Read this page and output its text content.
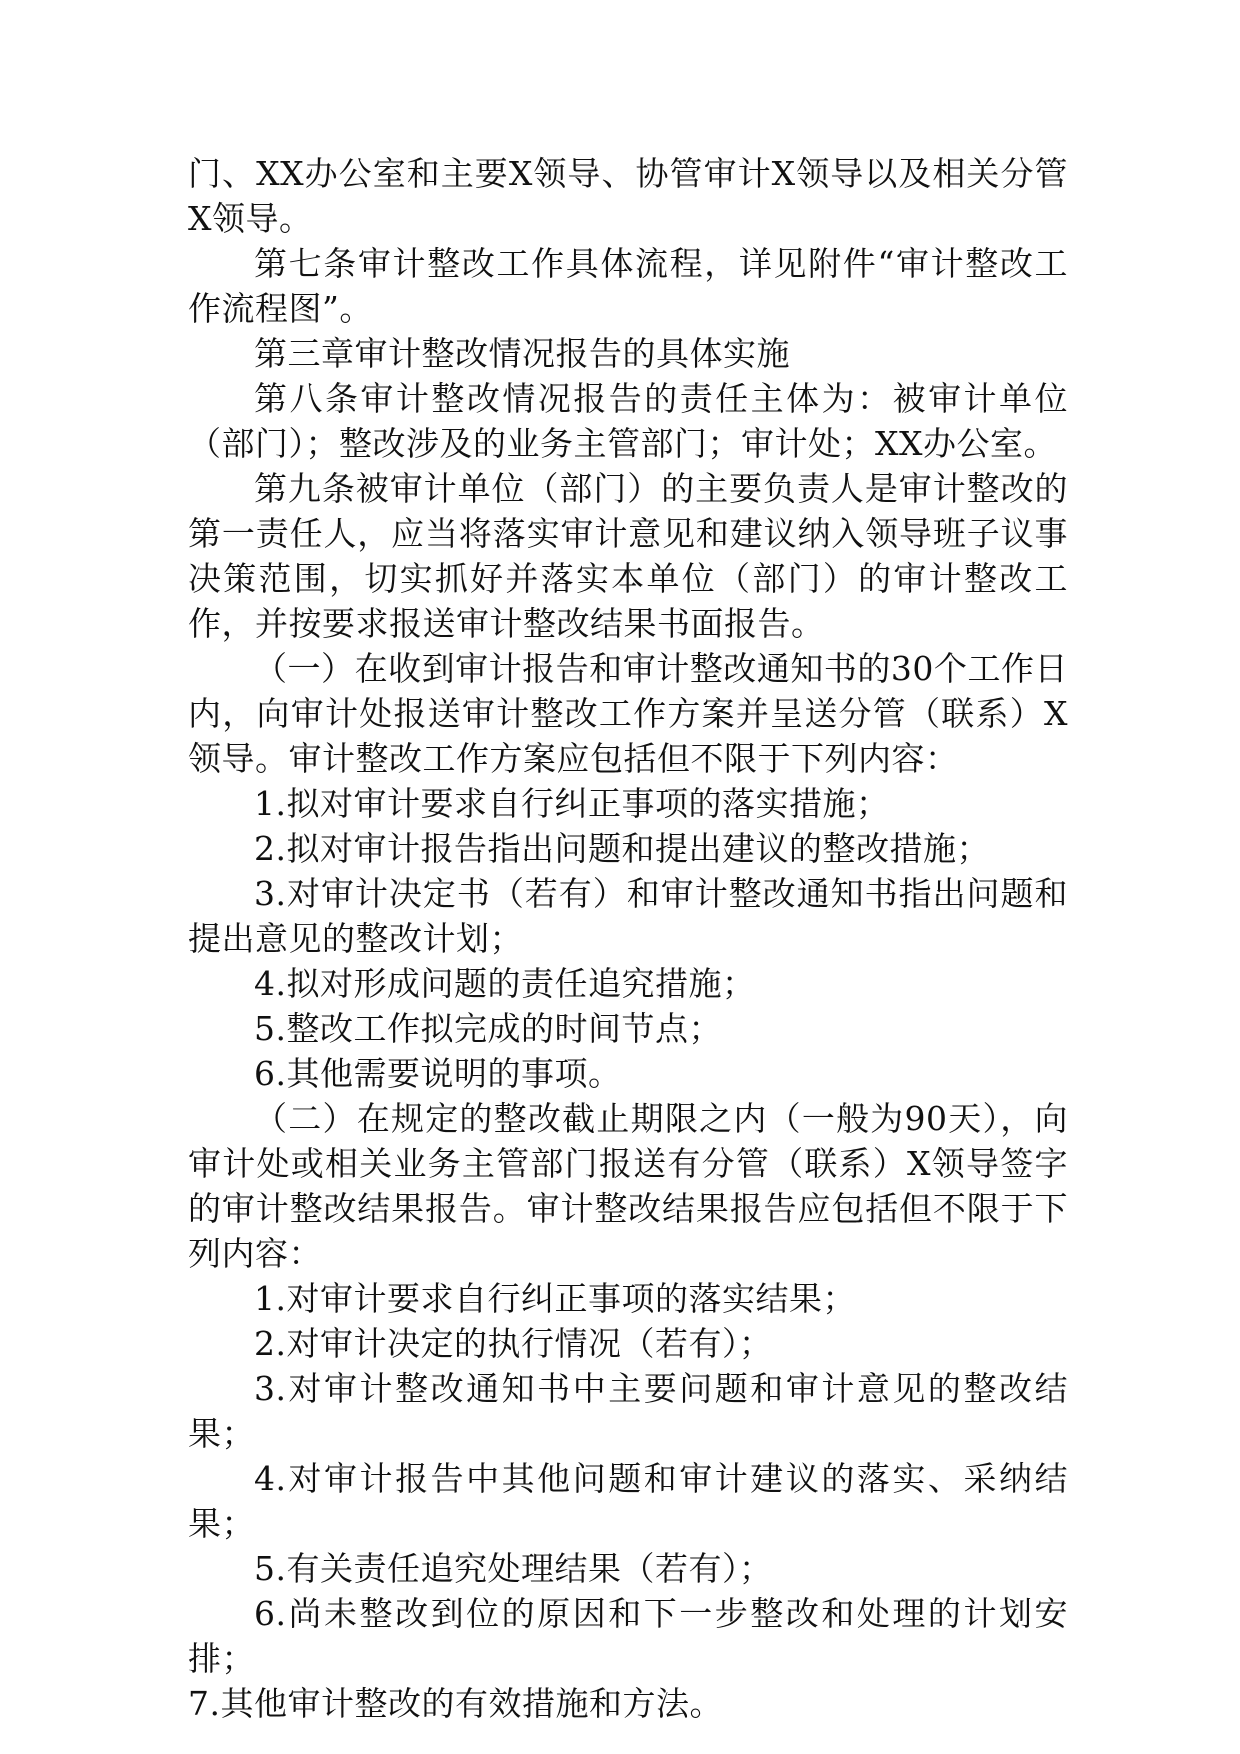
门、XX办公室和主要X领导、协管审计X领导以及相关分管X领导。

第七条审计整改工作具体流程，详见附件“审计整改工作流程图”。

第三章审计整改情况报告的具体实施

第八条审计整改情况报告的责任主体为：被审计单位（部门）；整改涉及的业务主管部门；审计处；XX办公室。

第九条被审计单位（部门）的主要负责人是审计整改的第一责任人，应当将落实审计意见和建议纳入领导班子议事决策范围，切实抓好并落实本单位（部门）的审计整改工作，并按要求报送审计整改结果书面报告。

（一）在收到审计报告和审计整改通知书的30个工作日内，向审计处报送审计整改工作方案并呈送分管（联系）X领导。审计整改工作方案应包括但不限于下列内容：

1.拟对审计要求自行纠正事项的落实措施；

2.拟对审计报告指出问题和提出建议的整改措施；

3.对审计决定书（若有）和审计整改通知书指出问题和提出意见的整改计划；

4.拟对形成问题的责任追究措施；

5.整改工作拟完成的时间节点；

6.其他需要说明的事项。

（二）在规定的整改截止期限之内（一般为90天），向审计处或相关业务主管部门报送有分管（联系）X领导签字的审计整改结果报告。审计整改结果报告应包括但不限于下列内容：

1.对审计要求自行纠正事项的落实结果；

2.对审计决定的执行情况（若有）；

3.对审计整改通知书中主要问题和审计意见的整改结果；

4.对审计报告中其他问题和审计建议的落实、采纳结果；

5.有关责任追究处理结果（若有）；

6.尚未整改到位的原因和下一步整改和处理的计划安排；

7.其他审计整改的有效措施和方法。
